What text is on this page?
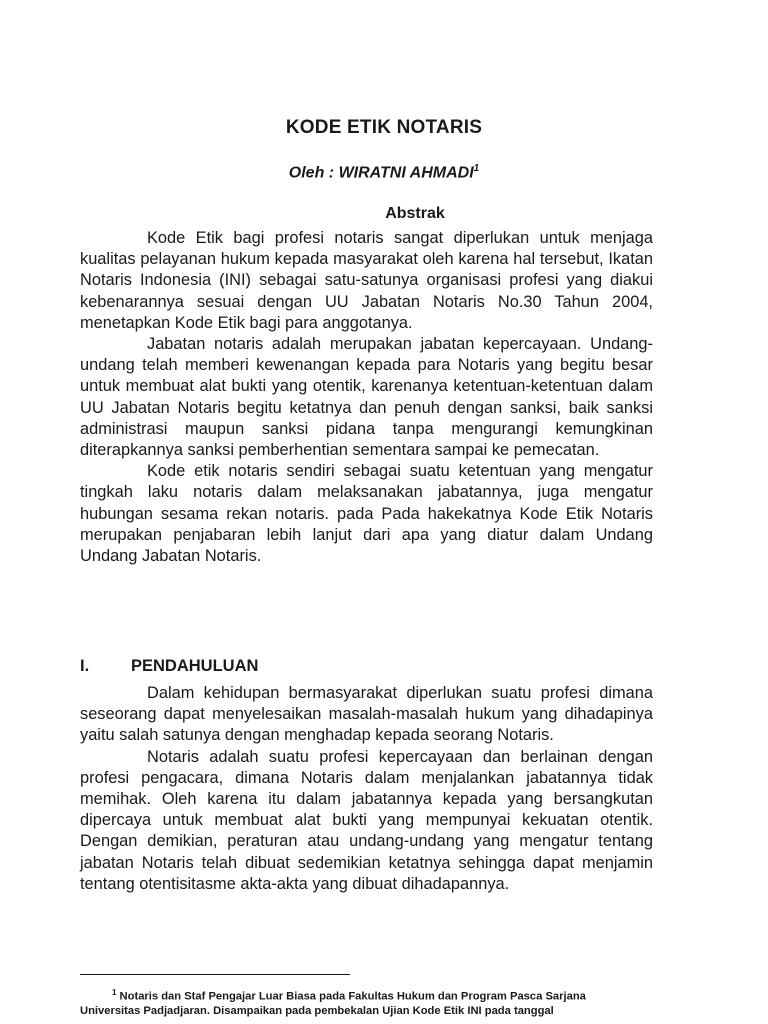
KODE ETIK NOTARIS
Oleh : WIRATNI AHMADI$^1$
Abstrak

Kode Etik bagi profesi notaris sangat diperlukan untuk menjaga kualitas pelayanan hukum kepada masyarakat oleh karena hal tersebut, Ikatan Notaris Indonesia (INI) sebagai satu-satunya organisasi profesi yang diakui kebenarannya sesuai dengan UU Jabatan Notaris No.30 Tahun 2004, menetapkan Kode Etik bagi para anggotanya.

Jabatan notaris adalah merupakan jabatan kepercayaan. Undang-undang telah memberi kewenangan kepada para Notaris yang begitu besar untuk membuat alat bukti yang otentik, karenanya ketentuan-ketentuan dalam UU Jabatan Notaris begitu ketatnya dan penuh dengan sanksi, baik sanksi administrasi maupun sanksi pidana tanpa mengurangi kemungkinan diterapkannya sanksi pemberhentian sementara sampai ke pemecatan.

Kode etik notaris sendiri sebagai suatu ketentuan yang mengatur tingkah laku notaris dalam melaksanakan jabatannya, juga mengatur hubungan sesama rekan notaris. pada Pada hakekatnya Kode Etik Notaris merupakan penjabaran lebih lanjut dari apa yang diatur dalam Undang Undang Jabatan Notaris.

I.	PENDAHULUAN

Dalam kehidupan bermasyarakat diperlukan suatu profesi dimana seseorang dapat menyelesaikan masalah-masalah hukum yang dihadapinya yaitu salah satunya dengan menghadap kepada seorang Notaris.

Notaris adalah suatu profesi kepercayaan dan berlainan dengan profesi pengacara, dimana Notaris dalam menjalankan jabatannya tidak memihak. Oleh karena itu dalam jabatannya kepada yang bersangkutan dipercaya untuk membuat alat bukti yang mempunyai kekuatan otentik. Dengan demikian, peraturan atau undang-undang yang mengatur tentang jabatan Notaris telah dibuat sedemikian ketatnya sehingga dapat menjamin tentang otentisitasme akta-akta yang dibuat dihadapannya.

$^1$ Notaris dan Staf Pengajar Luar Biasa pada Fakultas Hukum dan Program Pasca Sarjana
Universitas Padjadjaran. Disampaikan pada pembekalan Ujian Kode Etik INI pada tanggal
